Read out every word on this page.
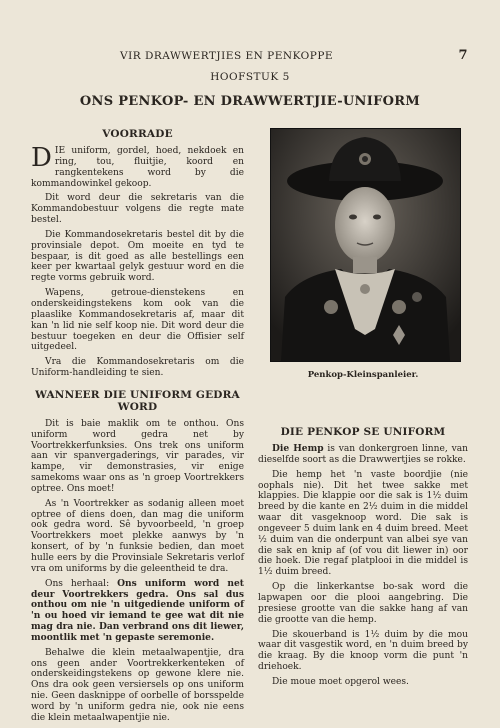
VIR DRAWWERTJIES EN PENKOPPE	7
HOOFSTUK 5
ONS PENKOP- EN DRAWWERTJIE-UNIFORM
VOORRADE

DIE uniform, gordel, hoed, nekdoek en ring, tou, fluitjie, koord en rangkentekens word by die kommandowinkel gekoop.

Dit word deur die sekretaris van die Kommandobestuur volgens die regte mate bestel.

Die Kommandosekretaris bestel dit by die provinsiale depot. Om moeite en tyd te bespaar, is dit goed as alle bestellings een keer per kwartaal gelyk gestuur word en die regte vorms gebruik word.

Wapens, getroue-dienstekens en onderskeidingstekens kom ook van die plaaslike Kommandosekretaris af, maar dit kan 'n lid nie self koop nie. Dit word deur die bestuur toegeken en deur die Offisier self uitgedeel.

Vra die Kommandosekretaris om die Uniform-handleiding te sien.

WANNEER DIE UNIFORM GEDRA WORD

Dit is baie maklik om te onthou. Ons uniform word gedra net by Voortrekkerfunksies. Ons trek ons uniform aan vir spanvergaderings, vir parades, vir kampe, vir demonstrasies, vir enige samekoms waar ons as 'n groep Voortrekkers optree. Ons moet!

As 'n Voortrekker as sodanig alleen moet optree of diens doen, dan mag die uniform ook gedra word. Sê byvoorbeeld, 'n groep Voortrekkers moet plekke aanwys by 'n konsert, of by 'n funksie bedien, dan moet hulle eers by die Provinsiale Sekretaris verlof vra om uniforms by die geleentheid te dra.

Ons herhaal: Ons uniform word net deur Voortrekkers gedra. Ons sal dus onthou om nie 'n uitgediende uniform of 'n ou hoed vir iemand te gee wat dit nie mag dra nie. Dan verbrand ons dit liewer, moontlik met 'n gepaste seremonie.

Behalwe die klein metaalwapentjie, dra ons geen ander Voortrekkerkenteken of onderskeidingstekens op gewone klere nie. Ons dra ook geen versiersels op ons uniform nie. Geen dasknippe of oorbelle of borsspelde word by 'n uniform gedra nie, ook nie eens die klein metaalwapentjie nie.

Penkop-Kleinspanleier.
DIE PENKOP SE UNIFORM

Die Hemp is van donkergroen linne, van dieselfde soort as die Drawwertjies se rokke.

Die hemp het 'n vaste boordjie (nie oophals nie). Dit het twee sakke met klappies. Die klappie oor die sak is 1½ duim breed by die kante en 2½ duim in die middel waar dit vasgeknoop word. Die sak is ongeveer 5 duim lank en 4 duim breed. Meet ½ duim van die onderpunt van albei sye van die sak en knip af (of vou dit liewer in) oor die hoek. Die regaf platplooi in die middel is 1½ duim breed.

Op die linkerkantse bo-sak word die lapwapen oor die plooi aangebring. Die presiese grootte van die sakke hang af van die grootte van die hemp.

Die skouerband is 1½ duim by die mou waar dit vasgestik word, en 'n duim breed by die kraag. By die knoop vorm die punt 'n driehoek.

Die moue moet opgerol wees.
